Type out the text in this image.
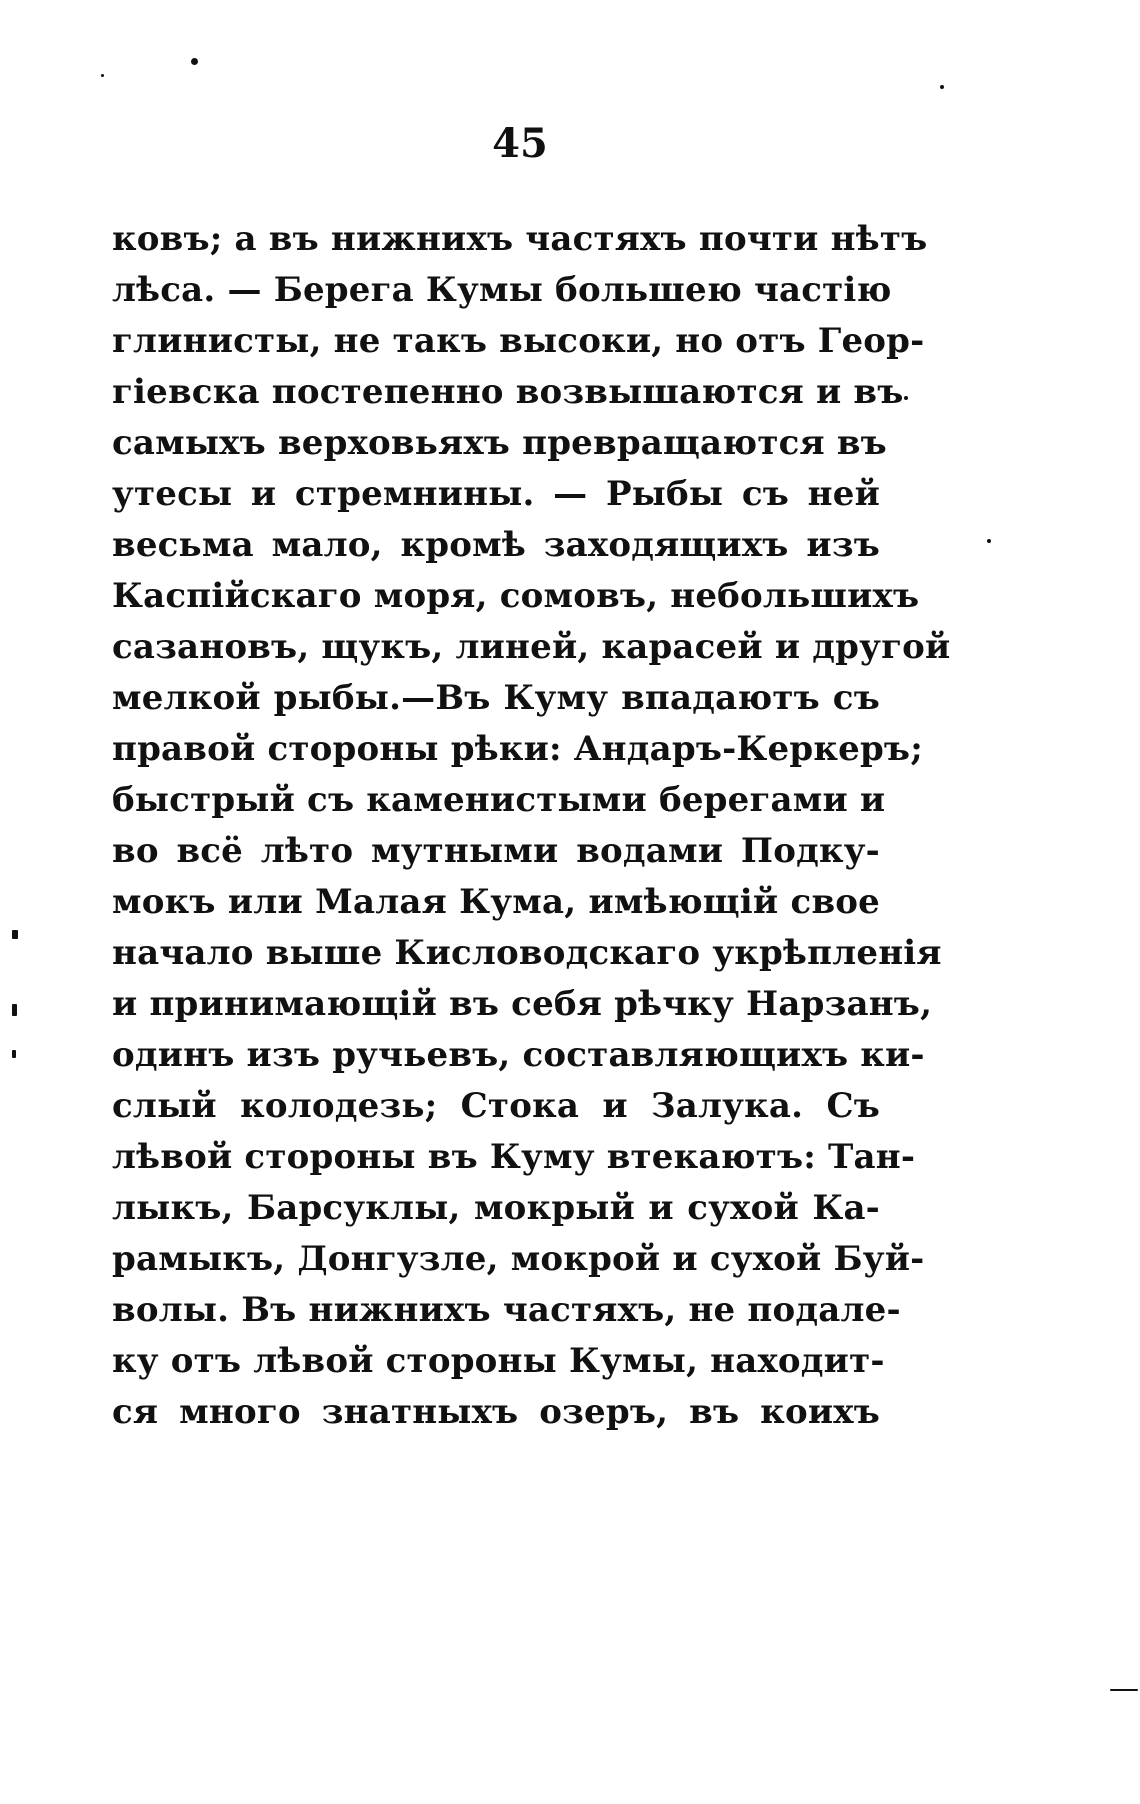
45
ковъ; а въ нижнихъ частяхъ почти нѣтъ
лѣса. — Берега Кумы большею частію
глинисты, не такъ высоки, но отъ Геор-
гіевска постепенно возвышаются и въ
самыхъ верховьяхъ превращаются въ
утесы и стремнины. — Рыбы съ ней
весьма мало, кромѣ заходящихъ изъ
Каспійскаго моря, сомовъ, небольшихъ
сазановъ, щукъ, линей, карасей и другой
мелкой рыбы.—Въ Куму впадаютъ съ
правой стороны рѣки: Андаръ-Керкеръ;
быстрый съ каменистыми берегами и
во всё лѣто мутными водами Подку-
мокъ или Малая Кума, имѣющій свое
начало выше Кисловодскаго укрѣпленія
и принимающій въ себя рѣчку Нарзанъ,
одинъ изъ ручьевъ, составляющихъ ки-
слый колодезь; Стока и Залука. Съ
лѣвой стороны въ Куму втекаютъ: Тан-
лыкъ, Барсуклы, мокрый и сухой Ка-
рамыкъ, Донгузле, мокрой и сухой Буй-
волы. Въ нижнихъ частяхъ, не подале-
ку отъ лѣвой стороны Кумы, находит-
ся много знатныхъ озеръ, въ коихъ
